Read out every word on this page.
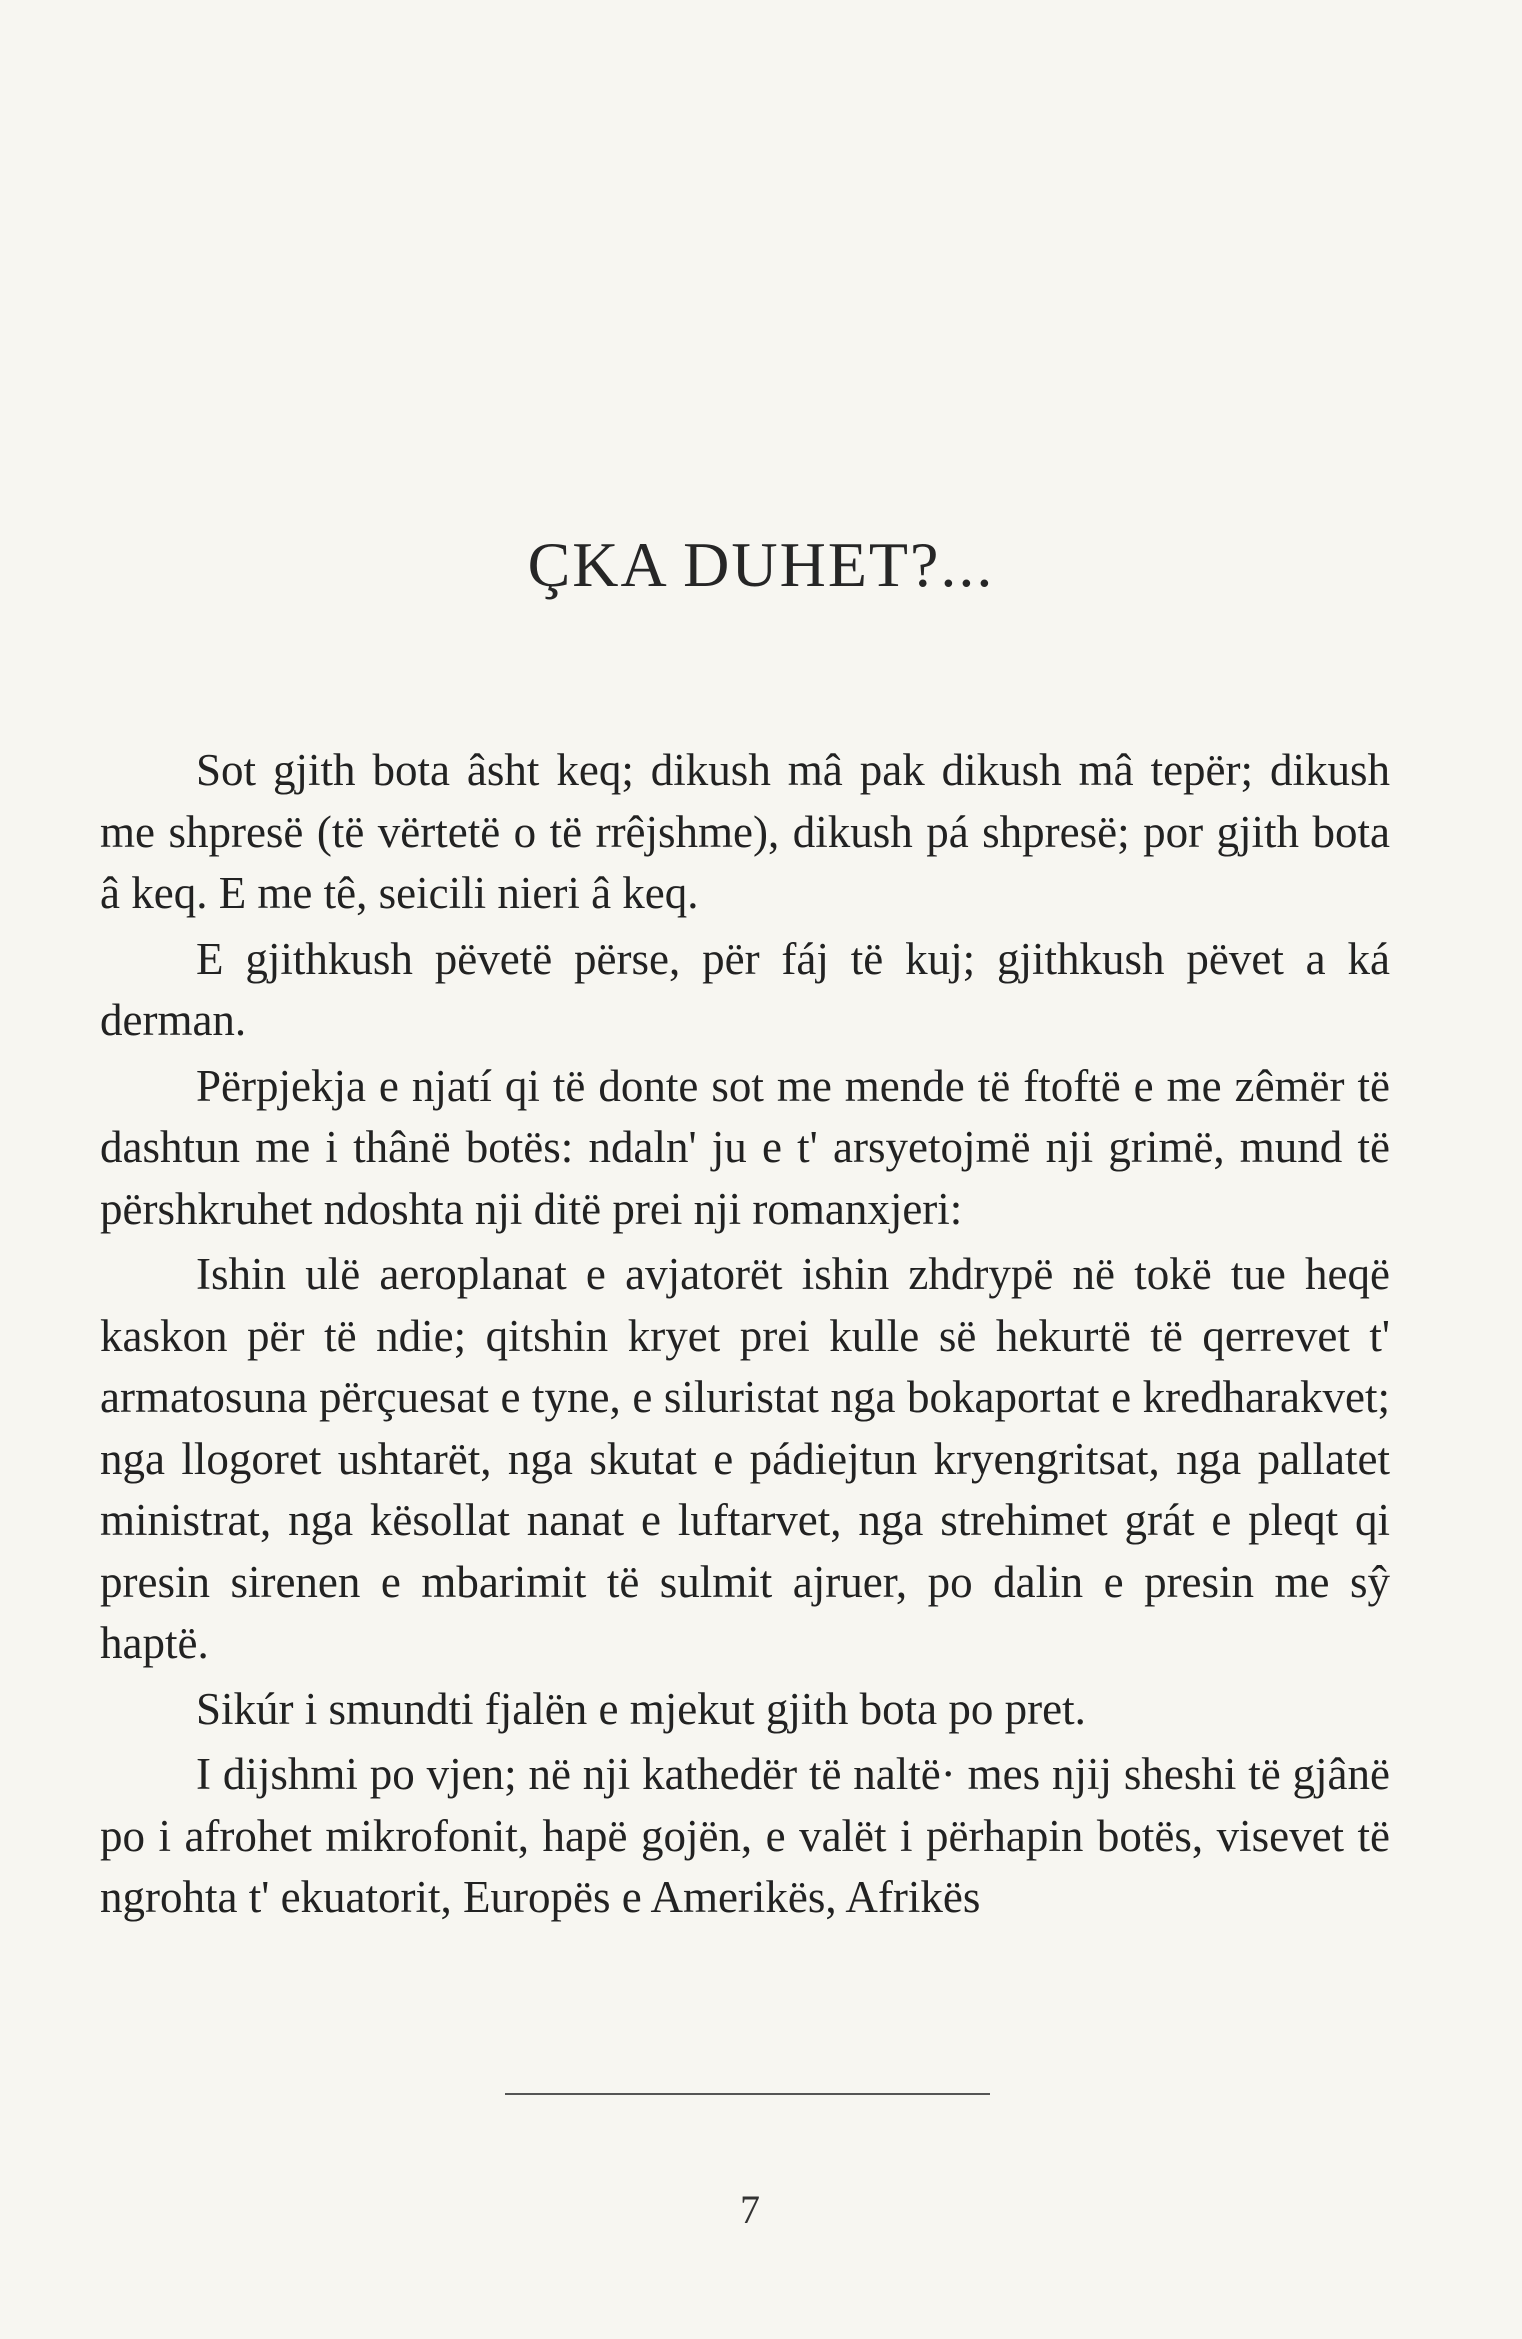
ÇKA DUHET?...

Sot gjith bota âsht keq; dikush mâ pak dikush mâ tepër; dikush me shpresë (të vërtetë o të rrêjshme), dikush pá shpresë; por gjith bota â keq. E me tê, seicili nieri â keq.

E gjithkush pëvetë përse, për fáj të kuj; gjithkush pëvet a ká derman.

Përpjekja e njatí qi të donte sot me mende të ftoftë e me zêmër të dashtun me i thânë botës: ndaln' ju e t' arsyetojmë nji grimë, mund të përshkruhet ndoshta nji ditë prei nji romanxjeri:

Ishin ulë aeroplanat e avjatorët ishin zhdrypë në tokë tue heqë kaskon për të ndie; qitshin kryet prei kulle së hekurtë të qerrevet t' armatosuna përçuesat e tyne, e siluristat nga bokaportat e kredharakvet; nga llogoret ushtarët, nga skutat e pádiejtun kryengritsat, nga pallatet ministrat, nga kësollat nanat e luftarvet, nga strehimet grát e pleqt qi presin sirenen e mbarimit të sulmit ajruer, po dalin e presin me sŷ haptë.

Sikúr i smundti fjalën e mjekut gjith bota po pret.

I dijshmi po vjen; në nji kathedër të naltë· mes njij sheshi të gjânë po i afrohet mikrofonit, hapë gojën, e valët i përhapin botës, visevet të ngrohta t' ekuatorit, Europës e Amerikës, Afrikës

7
